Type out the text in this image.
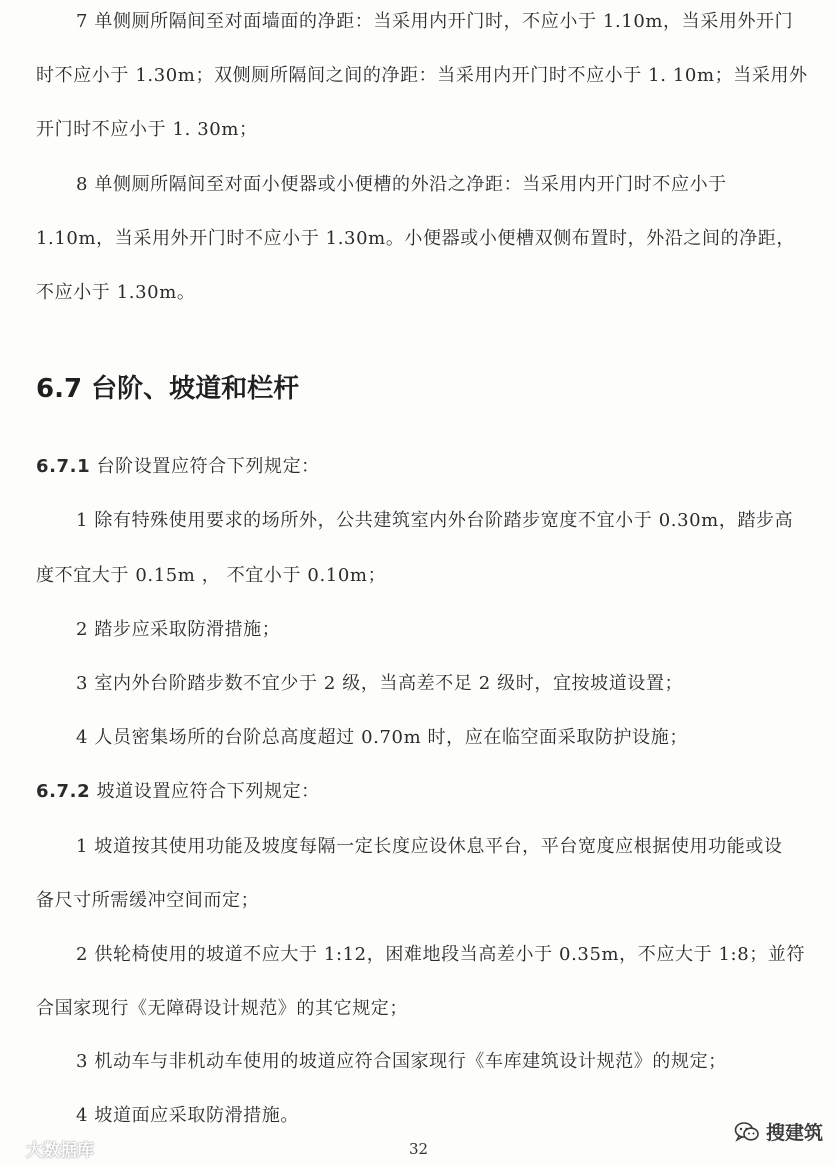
7 单侧厕所隔间至对面墙面的净距：当采用内开门时，不应小于 1.10m，当采用外开门
时不应小于 1.30m；双侧厕所隔间之间的净距：当采用内开门时不应小于 1. 10m；当采用外
开门时不应小于 1. 30m；
8 单侧厕所隔间至对面小便器或小便槽的外沿之净距：当采用内开门时不应小于
1.10m，当采用外开门时不应小于 1.30m。小便器或小便槽双侧布置时，外沿之间的净距，
不应小于 1.30m。
6.7 台阶、坡道和栏杆
6.7.1 台阶设置应符合下列规定：
1 除有特殊使用要求的场所外，公共建筑室内外台阶踏步宽度不宜小于 0.30m，踏步高
度不宜大于 0.15m ， 不宜小于 0.10m；
2 踏步应采取防滑措施；
3 室内外台阶踏步数不宜少于 2 级，当高差不足 2 级时，宜按坡道设置；
4 人员密集场所的台阶总高度超过 0.70m 时，应在临空面采取防护设施；
6.7.2 坡道设置应符合下列规定：
1 坡道按其使用功能及坡度每隔一定长度应设休息平台，平台宽度应根据使用功能或设
备尺寸所需缓冲空间而定；
2 供轮椅使用的坡道不应大于 1:12，困难地段当高差小于 0.35m，不应大于 1:8；並符
合国家现行《无障碍设计规范》的其它规定；
3 机动车与非机动车使用的坡道应符合国家现行《车库建筑设计规范》的规定；
4 坡道面应采取防滑措施。
32
大数据库
搜建筑
